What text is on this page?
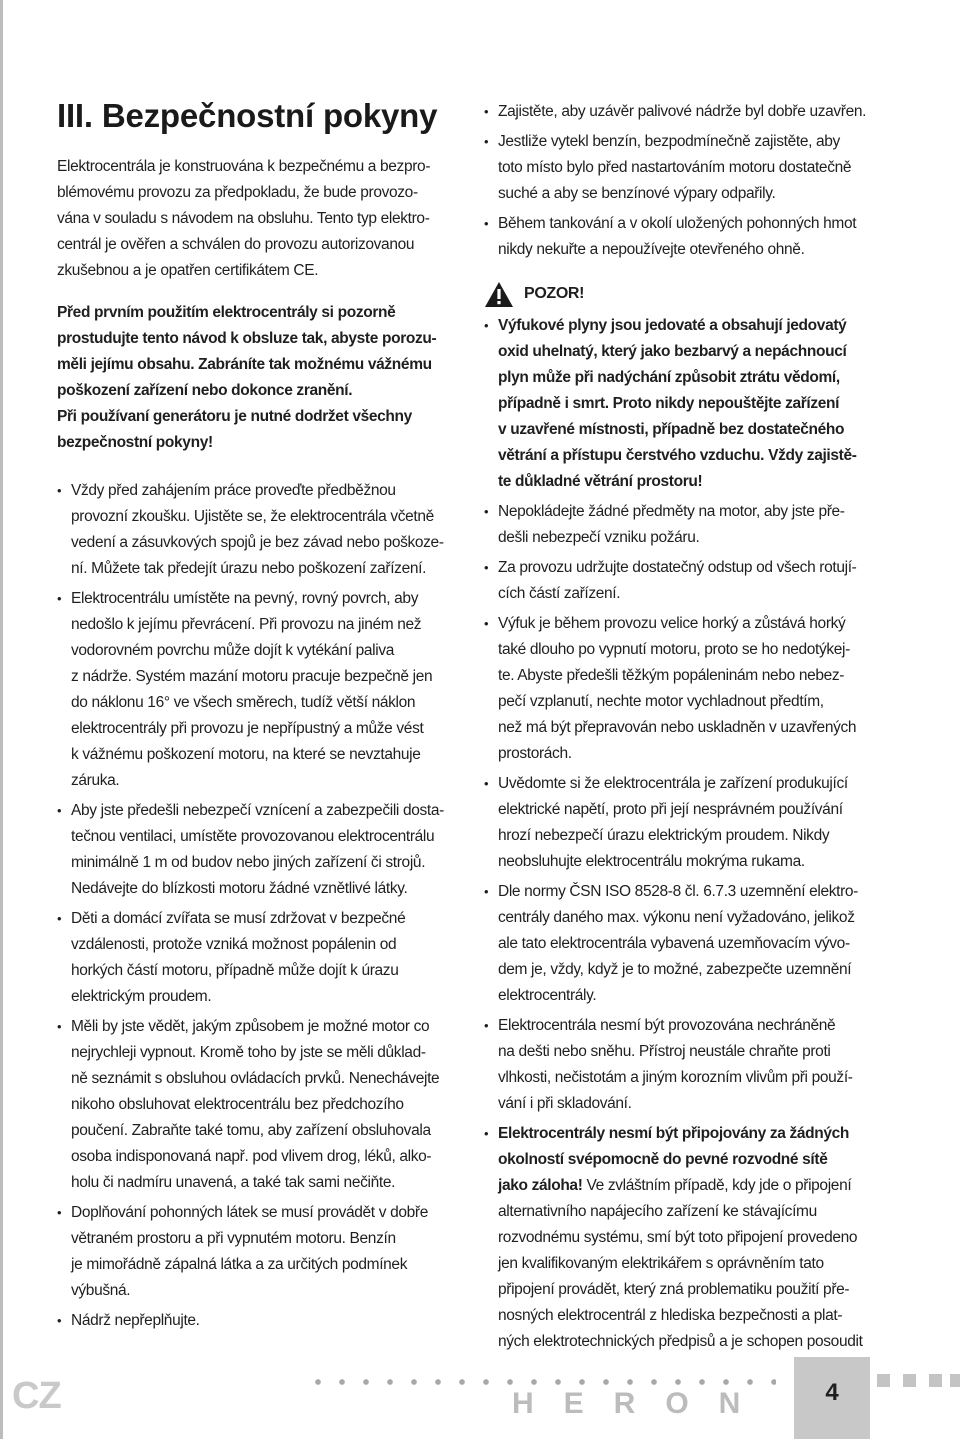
III. Bezpečnostní pokyny

Elektrocentrála je konstruována k bezpečnému a bezpro-
blémovému provozu za předpokladu, že bude provozo-
vána v souladu s návodem na obsluhu. Tento typ elektro-
centrál je ověřen a schválen do provozu autorizovanou
zkušebnou a je opatřen certifikátem CE.

Před prvním použitím elektrocentrály si pozorně
prostudujte tento návod k obsluze tak, abyste porozu-
měli jejímu obsahu. Zabráníte tak možnému vážnému
poškození zařízení nebo dokonce zranění.
Při používaní generátoru je nutné dodržet všechny
bezpečnostní pokyny!

• Vždy před zahájením práce proveďte předběžnou
provozní zkoušku. Ujistěte se, že elektrocentrála včetně
vedení a zásuvkových spojů je bez závad nebo poškoze-
ní. Můžete tak předejít úrazu nebo poškození zařízení.
• Elektrocentrálu umístěte na pevný, rovný povrch, aby
nedošlo k jejímu převrácení. Při provozu na jiném než
vodorovném povrchu může dojít k vytékání paliva
z nádrže. Systém mazání motoru pracuje bezpečně jen
do náklonu 16° ve všech směrech, tudíž větší náklon
elektrocentrály při provozu je nepřípustný a může vést
k vážnému poškození motoru, na které se nevztahuje
záruka.
• Aby jste předešli nebezpečí vznícení a zabezpečili dosta-
tečnou ventilaci, umístěte provozovanou elektrocentrálu
minimálně 1 m od budov nebo jiných zařízení či strojů.
Nedávejte do blízkosti motoru žádné vznětlivé látky.
• Děti a domácí zvířata se musí zdržovat v bezpečné
vzdálenosti, protože vzniká možnost popálenin od
horkých částí motoru, případně může dojít k úrazu
elektrickým proudem.
• Měli by jste vědět, jakým způsobem je možné motor co
nejrychleji vypnout. Kromě toho by jste se měli důklad-
ně seznámit s obsluhou ovládacích prvků. Nenechávejte
nikoho obsluhovat elektrocentrálu bez předchozího
poučení. Zabraňte také tomu, aby zařízení obsluhovala
osoba indisponovaná např. pod vlivem drog, léků, alko-
holu či nadmíru unavená, a také tak sami nečiňte.
• Doplňování pohonných látek se musí provádět v dobře
větraném prostoru a při vypnutém motoru. Benzín
je mimořádně zápalná látka a za určitých podmínek
výbušná.
• Nádrž nepřeplňujte.
• Zajistěte, aby uzávěr palivové nádrže byl dobře uzavřen.
• Jestliže vytekl benzín, bezpodmínečně zajistěte, aby
toto místo bylo před nastartováním motoru dostatečně
suché a aby se benzínové výpary odpařily.
• Během tankování a v okolí uložených pohonných hmot
nikdy nekuřte a nepoužívejte otevřeného ohně.
POZOR!
• Výfukové plyny jsou jedovaté a obsahují jedovatý
oxid uhelnatý, který jako bezbarvý a nepáchnoucí
plyn může při nadýchání způsobit ztrátu vědomí,
případně i smrt. Proto nikdy nepouštějte zařízení
v uzavřené místnosti, případně bez dostatečného
větrání a přístupu čerstvého vzduchu. Vždy zajistě-
te důkladné větrání prostoru!
• Nepokládejte žádné předměty na motor, aby jste pře-
dešli nebezpečí vzniku požáru.
• Za provozu udržujte dostatečný odstup od všech rotují-
cích částí zařízení.
• Výfuk je během provozu velice horký a zůstává horký
také dlouho po vypnutí motoru, proto se ho nedotýkej-
te. Abyste předešli těžkým popáleninám nebo nebez-
pečí vzplanutí, nechte motor vychladnout předtím,
než má být přepravován nebo uskladněn v uzavřených
prostorách.
• Uvědomte si že elektrocentrála je zařízení produkující
elektrické napětí, proto při její nesprávném používání
hrozí nebezpečí úrazu elektrickým proudem. Nikdy
neobsluhujte elektrocentrálu mokrýma rukama.
• Dle normy ČSN ISO 8528-8 čl. 6.7.3 uzemnění elektro-
centrály daného max. výkonu není vyžadováno, jelikož
ale tato elektrocentrála vybavená uzemňovacím vývo-
dem je, vždy, když je to možné, zabezpečte uzemnění
elektrocentrály.
• Elektrocentrála nesmí být provozována nechráněně
na dešti nebo sněhu. Přístroj neustále chraňte proti
vlhkosti, nečistotám a jiným korozním vlivům při použí-
vání i při skladování.
• Elektrocentrály nesmí být připojovány za žádných
okolností svépomocně do pevné rozvodné sítě
jako záloha! Ve zvláštním případě, kdy jde o připojení
alternativního napájecího zařízení ke stávajícímu
rozvodnému systému, smí být toto připojení provedeno
jen kvalifikovaným elektrikářem s oprávněním tato
připojení provádět, který zná problematiku použití pře-
nosných elektrocentrál z hlediska bezpečnosti a plat-
ných elektrotechnických předpisů a je schopen posoudit
CZ	HERON	4
